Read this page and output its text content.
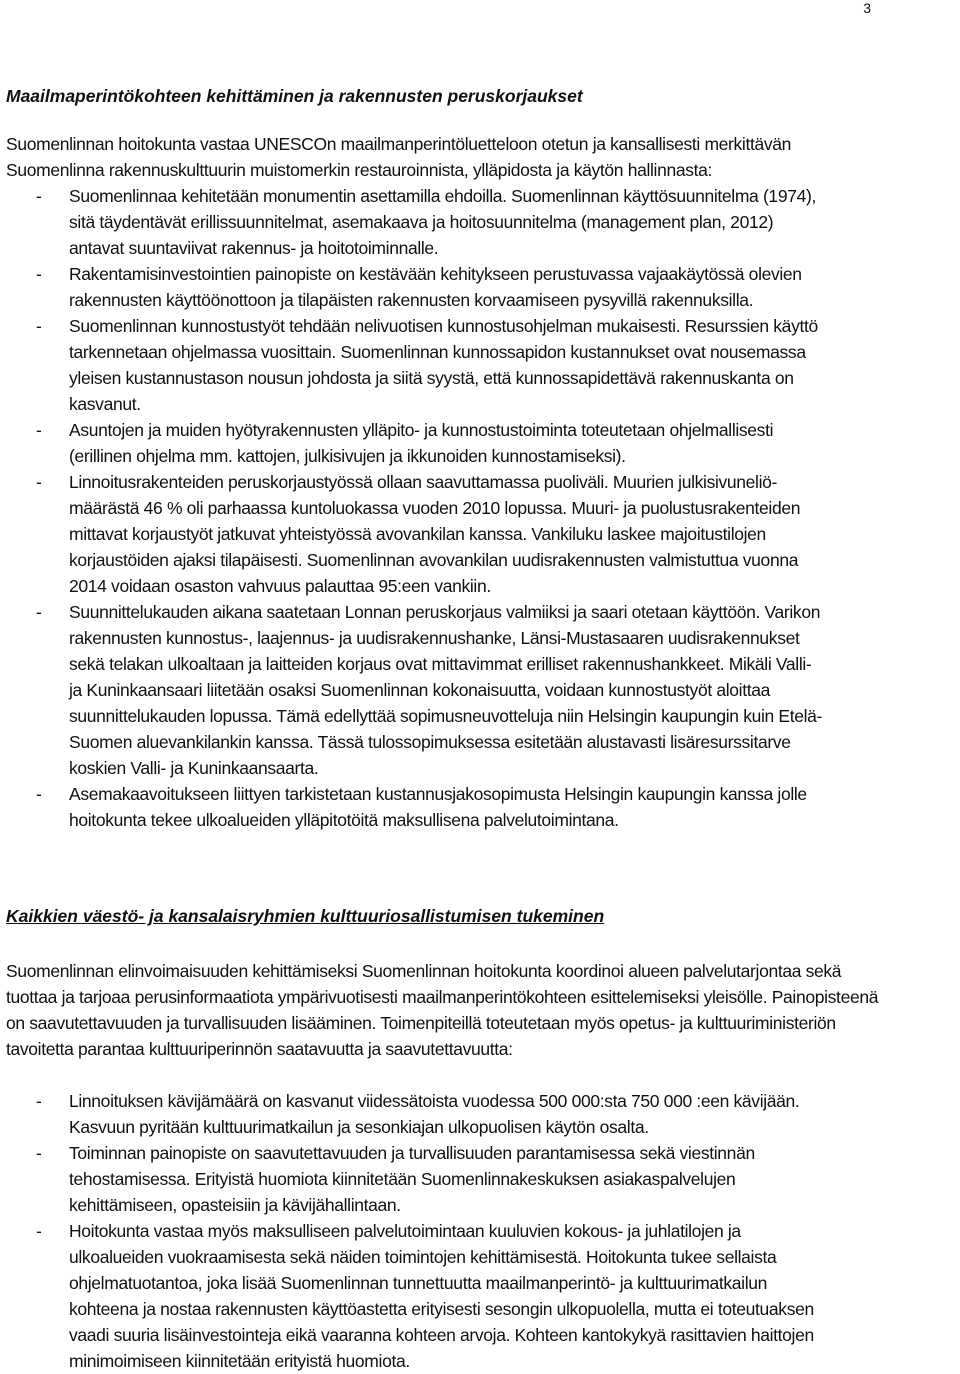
3
Maailmaperintökohteen kehittäminen ja rakennusten peruskorjaukset
Suomenlinnan hoitokunta vastaa UNESCOn maailmanperintöluetteloon otetun ja kansallisesti merkittävän
Suomenlinna rakennuskulttuurin muistomerkin restauroinnista, ylläpidosta ja käytön hallinnasta:
- Suomenlinnaa kehitetään monumentin asettamilla ehdoilla. Suomenlinnan käyttösuunnitelma (1974),
sitä täydentävät erillissuunnitelmat, asemakaava ja hoitosuunnitelma (management plan, 2012)
antavat suuntaviivat rakennus- ja hoitotoiminnalle.
- Rakentamisinvestointien painopiste on kestävään kehitykseen perustuvassa vajaakäytössä olevien
rakennusten käyttöönottoon ja tilapäisten rakennusten korvaamiseen pysyvillä rakennuksilla.
- Suomenlinnan kunnostustyöt tehdään nelivuotisen kunnostusohjelman mukaisesti. Resurssien käyttö
tarkennetaan ohjelmassa vuosittain. Suomenlinnan kunnossapidon kustannukset ovat nousemassa
yleisen kustannustason nousun johdosta ja siitä syystä, että kunnossapidettävä rakennuskanta on
kasvanut.
- Asuntojen ja muiden hyötyrakennusten ylläpito- ja kunnostustoiminta toteutetaan ohjelmallisesti
(erillinen ohjelma mm. kattojen, julkisivujen ja ikkunoiden kunnostamiseksi).
- Linnoitusrakenteiden peruskorjaustyössä ollaan saavuttamassa puoliväli. Muurien julkisivuneliö-
määrästä 46 % oli parhaassa kuntoluokassa vuoden 2010 lopussa. Muuri- ja puolustusrakenteiden
mittavat korjaustyöt jatkuvat yhteistyössä avovankilan kanssa. Vankiluku laskee majoitustilojen
korjaustöiden ajaksi tilapäisesti. Suomenlinnan avovankilan uudisrakennusten valmistuttua vuonna
2014 voidaan osaston vahvuus palauttaa 95:een vankiin.
- Suunnittelukauden aikana saatetaan Lonnan peruskorjaus valmiiksi ja saari otetaan käyttöön. Varikon
rakennusten kunnostus-, laajennus- ja uudisrakennushanke, Länsi-Mustasaaren uudisrakennukset
sekä telakan ulkoaltaan ja laitteiden korjaus ovat mittavimmat erilliset rakennushankkeet. Mikäli Valli-
ja Kuninkaansaari liitetään osaksi Suomenlinnan kokonaisuutta, voidaan kunnostustyöt aloittaa
suunnittelukauden lopussa. Tämä edellyttää sopimusneuvotteluja niin Helsingin kaupungin kuin Etelä-
Suomen aluevankilankin kanssa. Tässä tulossopimuksessa esitetään alustavasti lisäresurssitarve
koskien Valli- ja Kuninkaansaarta.
- Asemakaavoitukseen liittyen tarkistetaan kustannusjakosopimusta Helsingin kaupungin kanssa jolle
hoitokunta tekee ulkoalueiden ylläpitotöitä maksullisena palvelutoimintana.
Kaikkien väestö- ja kansalaisryhmien kulttuuriosallistumisen tukeminen
Suomenlinnan elinvoimaisuuden kehittämiseksi Suomenlinnan hoitokunta koordinoi alueen palvelutarjontaa sekä
tuottaa ja tarjoaa perusinformaatiota ympärivuotisesti maailmanperintökohteen esittelemiseksi yleisölle. Painopisteenä
on saavutettavuuden ja turvallisuuden lisääminen. Toimenpiteillä toteutetaan myös opetus- ja kulttuuriministeriön
tavoitetta parantaa kulttuuriperinnön saatavuutta ja saavutettavuutta:
- Linnoituksen kävijämäärä on kasvanut viidessätoista vuodessa 500 000:sta 750 000 :een kävijään.
Kasvuun pyritään kulttuurimatkailun ja sesonkiajan ulkopuolisen käytön osalta.
- Toiminnan painopiste on saavutettavuuden ja turvallisuuden parantamisessa sekä viestinnän
tehostamisessa. Erityistä huomiota kiinnitetään Suomenlinnakeskuksen asiakaspalvelujen
kehittämiseen, opasteisiin ja kävijähallintaan.
- Hoitokunta vastaa myös maksulliseen palvelutoimintaan kuuluvien kokous- ja juhlatilojen ja
ulkoalueiden vuokraamisesta sekä näiden toimintojen kehittämisestä. Hoitokunta tukee sellaista
ohjelmatuotantoa, joka lisää Suomenlinnan tunnettuutta maailmanperintö- ja kulttuurimatkailun
kohteena ja nostaa rakennusten käyttöastetta erityisesti sesongin ulkopuolella, mutta ei toteutuaksen
vaadi suuria lisäinvestointeja eikä vaaranna kohteen arvoja. Kohteen kantokykyä rasittavien haittojen
minimoimiseen kiinnitetään erityistä huomiota.
